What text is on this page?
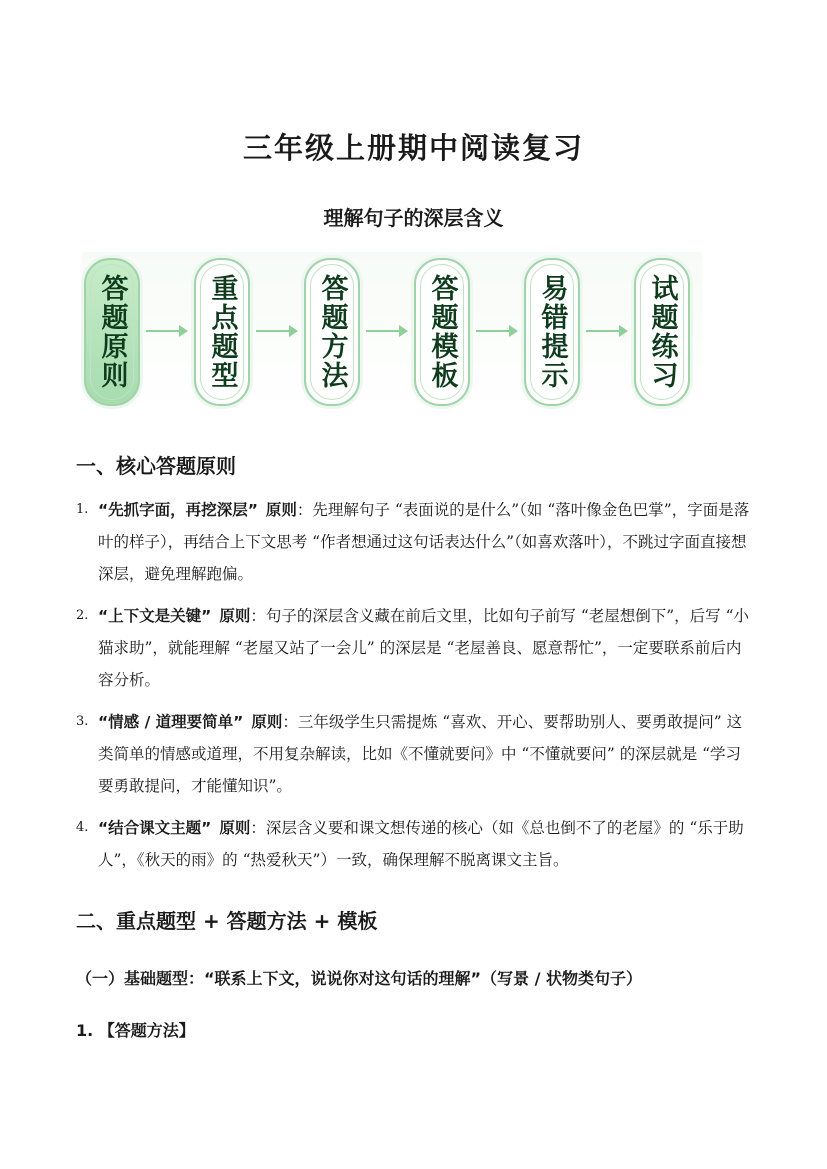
三年级上册期中阅读复习
理解句子的深层含义
答题原则	重点题型	答题方法	答题模板	易错提示	试题练习
一、核心答题原则
1. “先抓字面，再挖深层” 原则：先理解句子 “表面说的是什么”（如 “落叶像金色巴掌”，字面是落叶的样子），再结合上下文思考 “作者想通过这句话表达什么”（如喜欢落叶），不跳过字面直接想深层，避免理解跑偏。
2. “上下文是关键” 原则：句子的深层含义藏在前后文里，比如句子前写 “老屋想倒下”，后写 “小猫求助”，就能理解 “老屋又站了一会儿” 的深层是 “老屋善良、愿意帮忙”，一定要联系前后内容分析。
3. “情感 / 道理要简单” 原则：三年级学生只需提炼 “喜欢、开心、要帮助别人、要勇敢提问” 这类简单的情感或道理，不用复杂解读，比如《不懂就要问》中 “不懂就要问” 的深层就是 “学习要勇敢提问，才能懂知识”。
4. “结合课文主题” 原则：深层含义要和课文想传递的核心（如《总也倒不了的老屋》的 “乐于助人”，《秋天的雨》的 “热爱秋天”）一致，确保理解不脱离课文主旨。
二、重点题型 + 答题方法 + 模板
（一）基础题型：“联系上下文，说说你对这句话的理解”（写景 / 状物类句子）
1. 【答题方法】
